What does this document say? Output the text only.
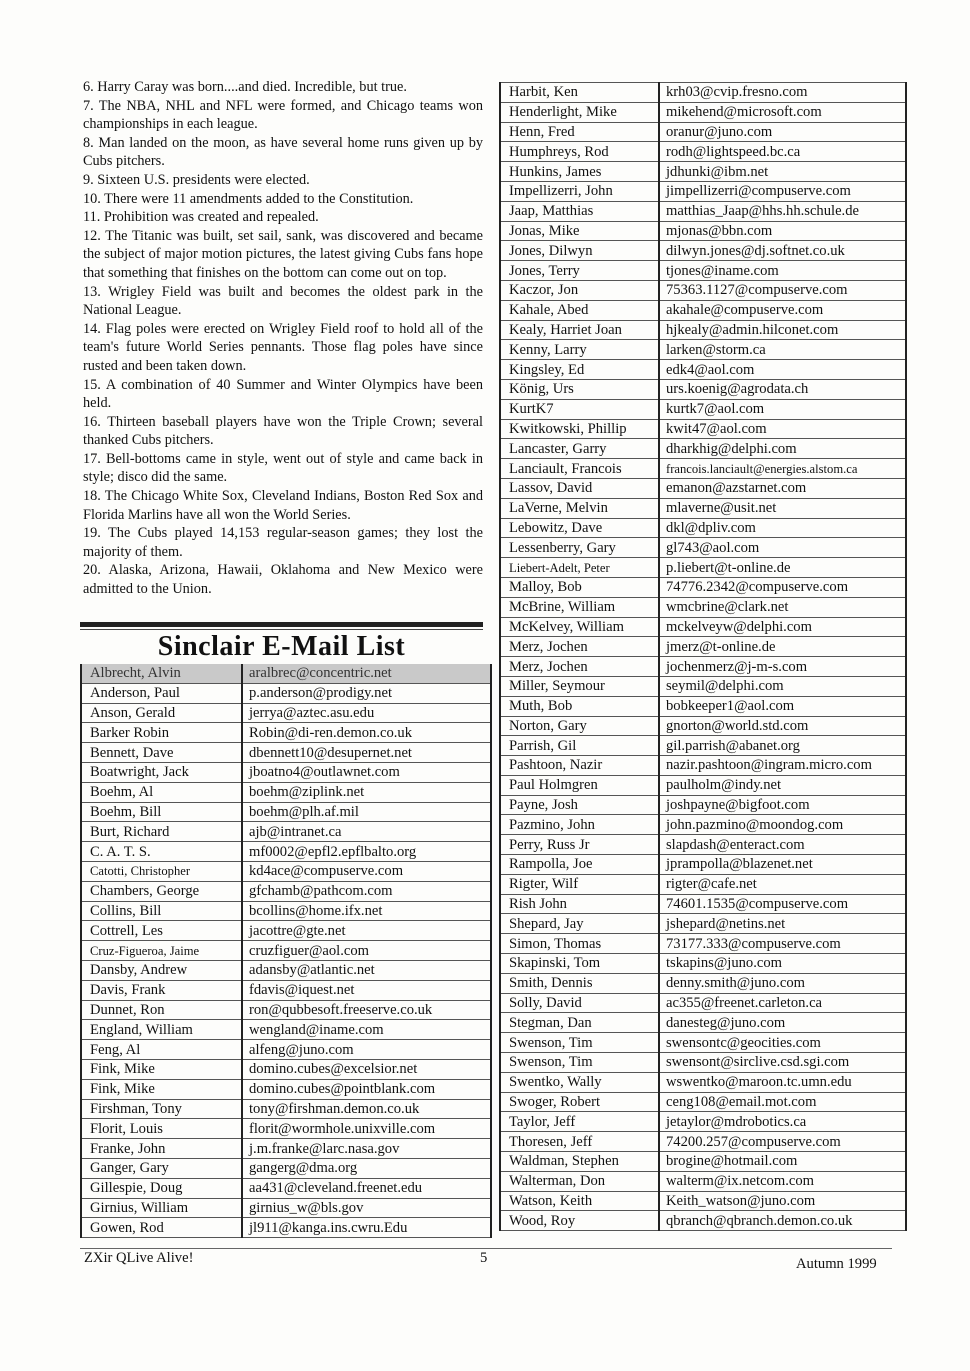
6. Harry Caray was born....and died. Incredible, but true.

7. The NBA, NHL and NFL were formed, and Chicago teams won championships in each league.

8. Man landed on the moon, as have several home runs given up by Cubs pitchers.

9. Sixteen U.S. presidents were elected.

10. There were 11 amendments added to the Constitution.

11. Prohibition was created and repealed.

12. The Titanic was built, set sail, sank, was discovered and became the subject of major motion pictures, the latest giving Cubs fans hope that something that finishes on the bottom can come out on top.

13. Wrigley Field was built and becomes the oldest park in the National League.

14. Flag poles were erected on Wrigley Field roof to hold all of the team's future World Series pennants. Those flag poles have since rusted and been taken down.

15. A combination of 40 Summer and Winter Olympics have been held.

16. Thirteen baseball players have won the Triple Crown; several thanked Cubs pitchers.

17. Bell-bottoms came in style, went out of style and came back in style; disco did the same.

18. The Chicago White Sox, Cleveland Indians, Boston Red Sox and Florida Marlins have all won the World Series.

19. The Cubs played 14,153 regular-season games; they lost the majority of them.

20. Alaska, Arizona, Hawaii, Oklahoma and New Mexico were admitted to the Union.

Sinclair E-Mail List
Albrecht, Alvin	aralbrec@concentric.net
Anderson, Paul	p.anderson@prodigy.net
Anson, Gerald	jerrya@aztec.asu.edu
Barker Robin	Robin@di-ren.demon.co.uk
Bennett, Dave	dbennett10@desupernet.net
Boatwright, Jack	jboatno4@outlawnet.com
Boehm, Al	boehm@ziplink.net
Boehm, Bill	boehm@plh.af.mil
Burt, Richard	ajb@intranet.ca
C. A. T. S.	mf0002@epfl2.epflbalto.org
Catotti, Christopher	kd4ace@compuserve.com
Chambers, George	gfchamb@pathcom.com
Collins, Bill	bcollins@home.ifx.net
Cottrell, Les	jacottre@gte.net
Cruz-Figueroa, Jaime	cruzfiguer@aol.com
Dansby, Andrew	adansby@atlantic.net
Davis, Frank	fdavis@iquest.net
Dunnet, Ron	ron@qubbesoft.freeserve.co.uk
England, William	wengland@iname.com
Feng, Al	alfeng@juno.com
Fink, Mike	domino.cubes@excelsior.net
Fink, Mike	domino.cubes@pointblank.com
Firshman, Tony	tony@firshman.demon.co.uk
Florit, Louis	florit@wormhole.unixville.com
Franke, John	j.m.franke@larc.nasa.gov
Ganger, Gary	gangerg@dma.org
Gillespie, Doug	aa431@cleveland.freenet.edu
Girnius, William	girnius_w@bls.gov
Gowen, Rod	jl911@kanga.ins.cwru.Edu
Harbit, Ken	krh03@cvip.fresno.com
Henderlight, Mike	mikehend@microsoft.com
Henn, Fred	oranur@juno.com
Humphreys, Rod	rodh@lightspeed.bc.ca
Hunkins, James	jdhunki@ibm.net
Impellizerri, John	jimpellizerri@compuserve.com
Jaap, Matthias	matthias_Jaap@hhs.hh.schule.de
Jonas, Mike	mjonas@bbn.com
Jones, Dilwyn	dilwyn.jones@dj.softnet.co.uk
Jones, Terry	tjones@iname.com
Kaczor, Jon	75363.1127@compuserve.com
Kahale, Abed	akahale@compuserve.com
Kealy, Harriet Joan	hjkealy@admin.hilconet.com
Kenny, Larry	larken@storm.ca
Kingsley, Ed	edk4@aol.com
König, Urs	urs.koenig@agrodata.ch
KurtK7	kurtk7@aol.com
Kwitkowski, Phillip	kwit47@aol.com
Lancaster, Garry	dharkhig@delphi.com
Lanciault, Francois	francois.lanciault@energies.alstom.ca
Lassov, David	emanon@azstarnet.com
LaVerne, Melvin	mlaverne@usit.net
Lebowitz, Dave	dkl@dpliv.com
Lessenberry, Gary	gl743@aol.com
Liebert-Adelt, Peter	p.liebert@t-online.de
Malloy, Bob	74776.2342@compuserve.com
McBrine, William	wmcbrine@clark.net
McKelvey, William	mckelveyw@delphi.com
Merz, Jochen	jmerz@t-online.de
Merz, Jochen	jochenmerz@j-m-s.com
Miller, Seymour	seymil@delphi.com
Muth, Bob	bobkeeper1@aol.com
Norton, Gary	gnorton@world.std.com
Parrish, Gil	gil.parrish@abanet.org
Pashtoon, Nazir	nazir.pashtoon@ingram.micro.com
Paul Holmgren	paulholm@indy.net
Payne, Josh	joshpayne@bigfoot.com
Pazmino, John	john.pazmino@moondog.com
Perry, Russ Jr	slapdash@enteract.com
Rampolla, Joe	jprampolla@blazenet.net
Rigter, Wilf	rigter@cafe.net
Rish John	74601.1535@compuserve.com
Shepard, Jay	jshepard@netins.net
Simon, Thomas	73177.333@compuserve.com
Skapinski, Tom	tskapins@juno.com
Smith, Dennis	denny.smith@juno.com
Solly, David	ac355@freenet.carleton.ca
Stegman, Dan	danesteg@juno.com
Swenson, Tim	swensontc@geocities.com
Swenson, Tim	swensont@sirclive.csd.sgi.com
Swentko, Wally	wswentko@maroon.tc.umn.edu
Swoger, Robert	ceng108@email.mot.com
Taylor, Jeff	jetaylor@mdrobotics.ca
Thoresen, Jeff	74200.257@compuserve.com
Waldman, Stephen	brogine@hotmail.com
Walterman, Don	walterm@ix.netcom.com
Watson, Keith	Keith_watson@juno.com
Wood, Roy	qbranch@qbranch.demon.co.uk
ZXir QLive Alive!	5	Autumn 1999
